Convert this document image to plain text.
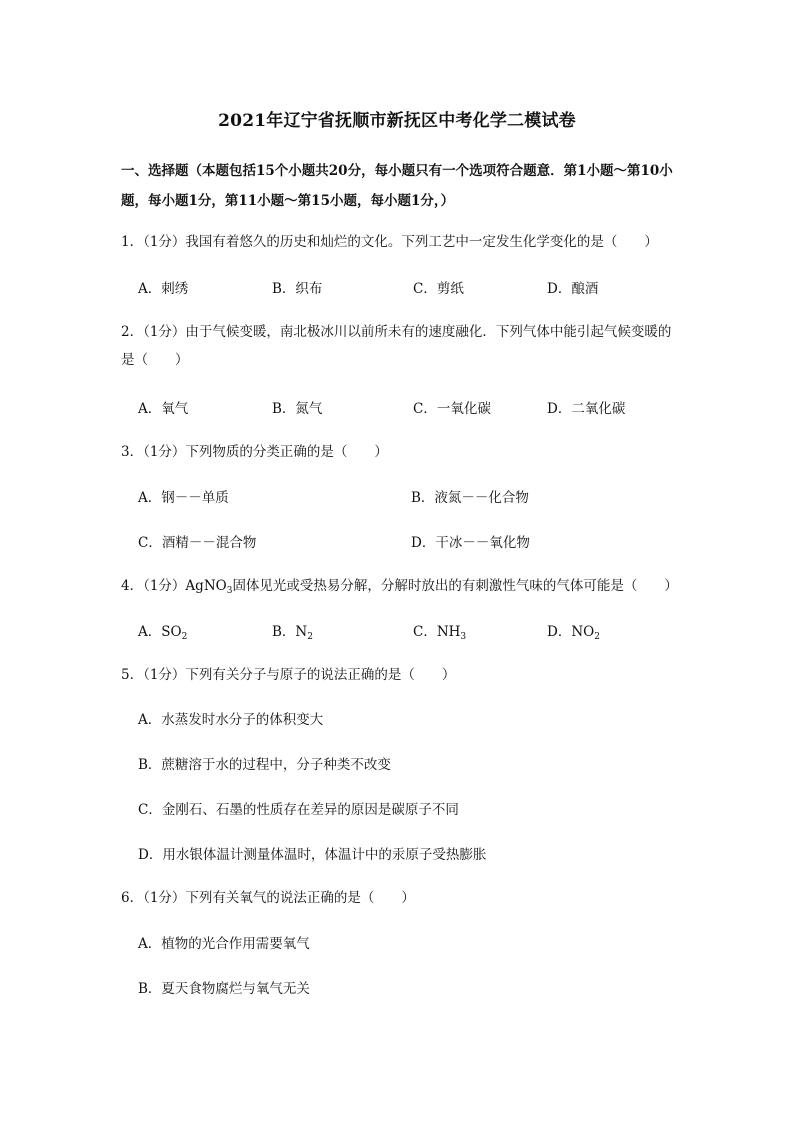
2021年辽宁省抚顺市新抚区中考化学二模试卷
一、选择题（本题包括15个小题共20分，每小题只有一个选项符合题意．第1小题～第10小题，每小题1分，第11小题～第15小题，每小题1分，）
1．（1分）我国有着悠久的历史和灿烂的文化。下列工艺中一定发生化学变化的是（　　）
A．刺绣	B．织布	C．剪纸	D．酿酒
2．（1分）由于气候变暖，南北极冰川以前所未有的速度融化．下列气体中能引起气候变暖的是（　　）
A．氧气	B．氮气	C．一氧化碳	D．二氧化碳
3．（1分）下列物质的分类正确的是（　　）
A．钢－－单质	B．液氮－－化合物
C．酒精－－混合物	D．干冰－－氧化物
4．（1分）AgNO$_3$固体见光或受热易分解，分解时放出的有刺激性气味的气体可能是（　　）
A．$SO_2$	B．$N_2$	C．$NH_3$	D．$NO_2$
5．（1分）下列有关分子与原子的说法正确的是（　　）
A．水蒸发时水分子的体积变大
B．蔗糖溶于水的过程中，分子种类不改变
C．金刚石、石墨的性质存在差异的原因是碳原子不同
D．用水银体温计测量体温时，体温计中的汞原子受热膨胀
6．（1分）下列有关氧气的说法正确的是（　　）
A．植物的光合作用需要氧气
B．夏天食物腐烂与氧气无关
